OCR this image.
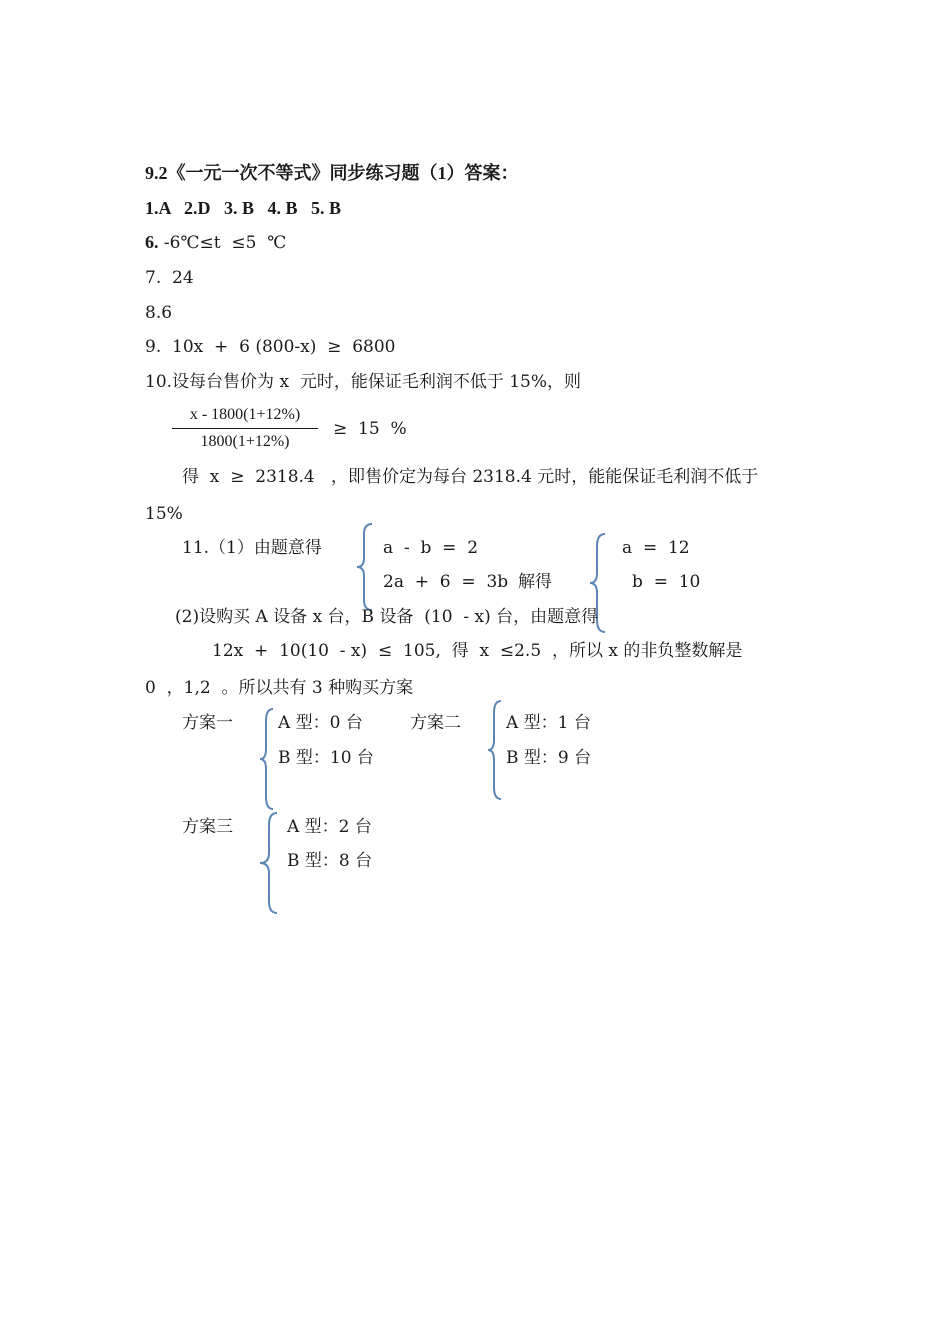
9.2《一元一次不等式》同步练习题（1）答案：
1.A   2.D   3. B   4. B   5. B
6. -6℃≤t  ≤5  ℃
7.  24
8.6
9.  10x  +  6 (800-x)  ≥  6800
10.设每台售价为 x  元时，能保证毛利润不低于 15%，则
x - 1800(1+12%)
1800(1+12%)
≥  15  %
得  x  ≥  2318.4   ，即售价定为每台 2318.4 元时，能能保证毛利润不低于
15%
11.（1）由题意得	a  -  b  =  2
2a  +  6  =  3b 解得
a  =  12
b  =  10
(2)设购买 A 设备 x 台，B 设备  (10  - x) 台，由题意得
12x  +  10(10  - x)  ≤  105,  得  x  ≤2.5  ，所以 x 的非负整数解是
0  ，1,2  。所以共有 3 种购买方案
方案一	A 型：0 台
B 型：10 台
方案二	A 型：1 台
B 型：9 台
方案三	A 型：2 台
B 型：8 台
